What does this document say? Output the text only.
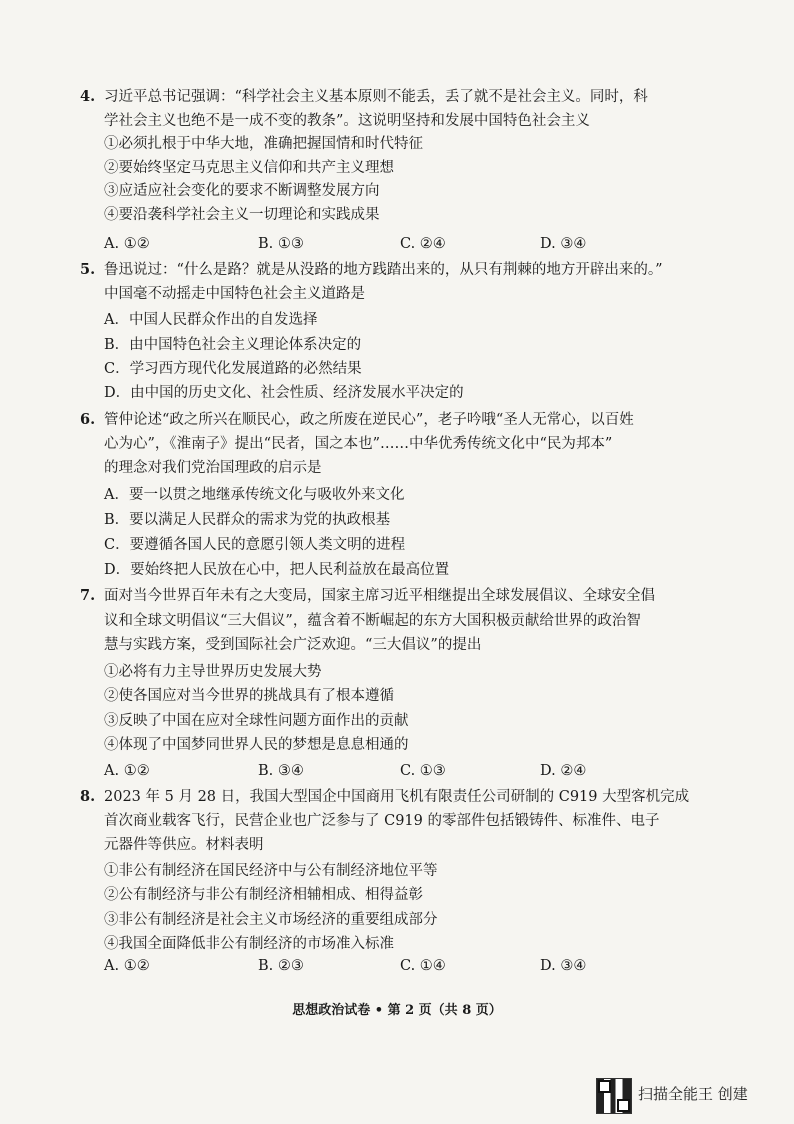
4. 习近平总书记强调：“科学社会主义基本原则不能丢，丢了就不是社会主义。同时，科
学社会主义也绝不是一成不变的教条”。这说明坚持和发展中国特色社会主义
①必须扎根于中华大地，准确把握国情和时代特征
②要始终坚定马克思主义信仰和共产主义理想
③应适应社会变化的要求不断调整发展方向
④要沿袭科学社会主义一切理论和实践成果
A. ①②	B. ①③	C. ②④	D. ③④
5. 鲁迅说过：“什么是路？就是从没路的地方践踏出来的，从只有荆棘的地方开辟出来的。”
中国毫不动摇走中国特色社会主义道路是
A．中国人民群众作出的自发选择
B．由中国特色社会主义理论体系决定的
C．学习西方现代化发展道路的必然结果
D．由中国的历史文化、社会性质、经济发展水平决定的
6. 管仲论述“政之所兴在顺民心，政之所废在逆民心”，老子吟哦“圣人无常心，以百姓
心为心”，《淮南子》提出“民者，国之本也”……中华优秀传统文化中“民为邦本”
的理念对我们党治国理政的启示是
A．要一以贯之地继承传统文化与吸收外来文化
B．要以满足人民群众的需求为党的执政根基
C．要遵循各国人民的意愿引领人类文明的进程
D．要始终把人民放在心中，把人民利益放在最高位置
7. 面对当今世界百年未有之大变局，国家主席习近平相继提出全球发展倡议、全球安全倡
议和全球文明倡议“三大倡议”，蕴含着不断崛起的东方大国积极贡献给世界的政治智
慧与实践方案，受到国际社会广泛欢迎。“三大倡议”的提出
①必将有力主导世界历史发展大势
②使各国应对当今世界的挑战具有了根本遵循
③反映了中国在应对全球性问题方面作出的贡献
④体现了中国梦同世界人民的梦想是息息相通的
A. ①②	B. ③④	C. ①③	D. ②④
8. 2023 年 5 月 28 日，我国大型国企中国商用飞机有限责任公司研制的 C919 大型客机完成
首次商业载客飞行，民营企业也广泛参与了 C919 的零部件包括锻铸件、标准件、电子
元器件等供应。材料表明
①非公有制经济在国民经济中与公有制经济地位平等
②公有制经济与非公有制经济相辅相成、相得益彰
③非公有制经济是社会主义市场经济的重要组成部分
④我国全面降低非公有制经济的市场准入标准
A. ①②	B. ②③	C. ①④	D. ③④
思想政治试卷 • 第 2 页（共 8 页）
扫描全能王 创建
